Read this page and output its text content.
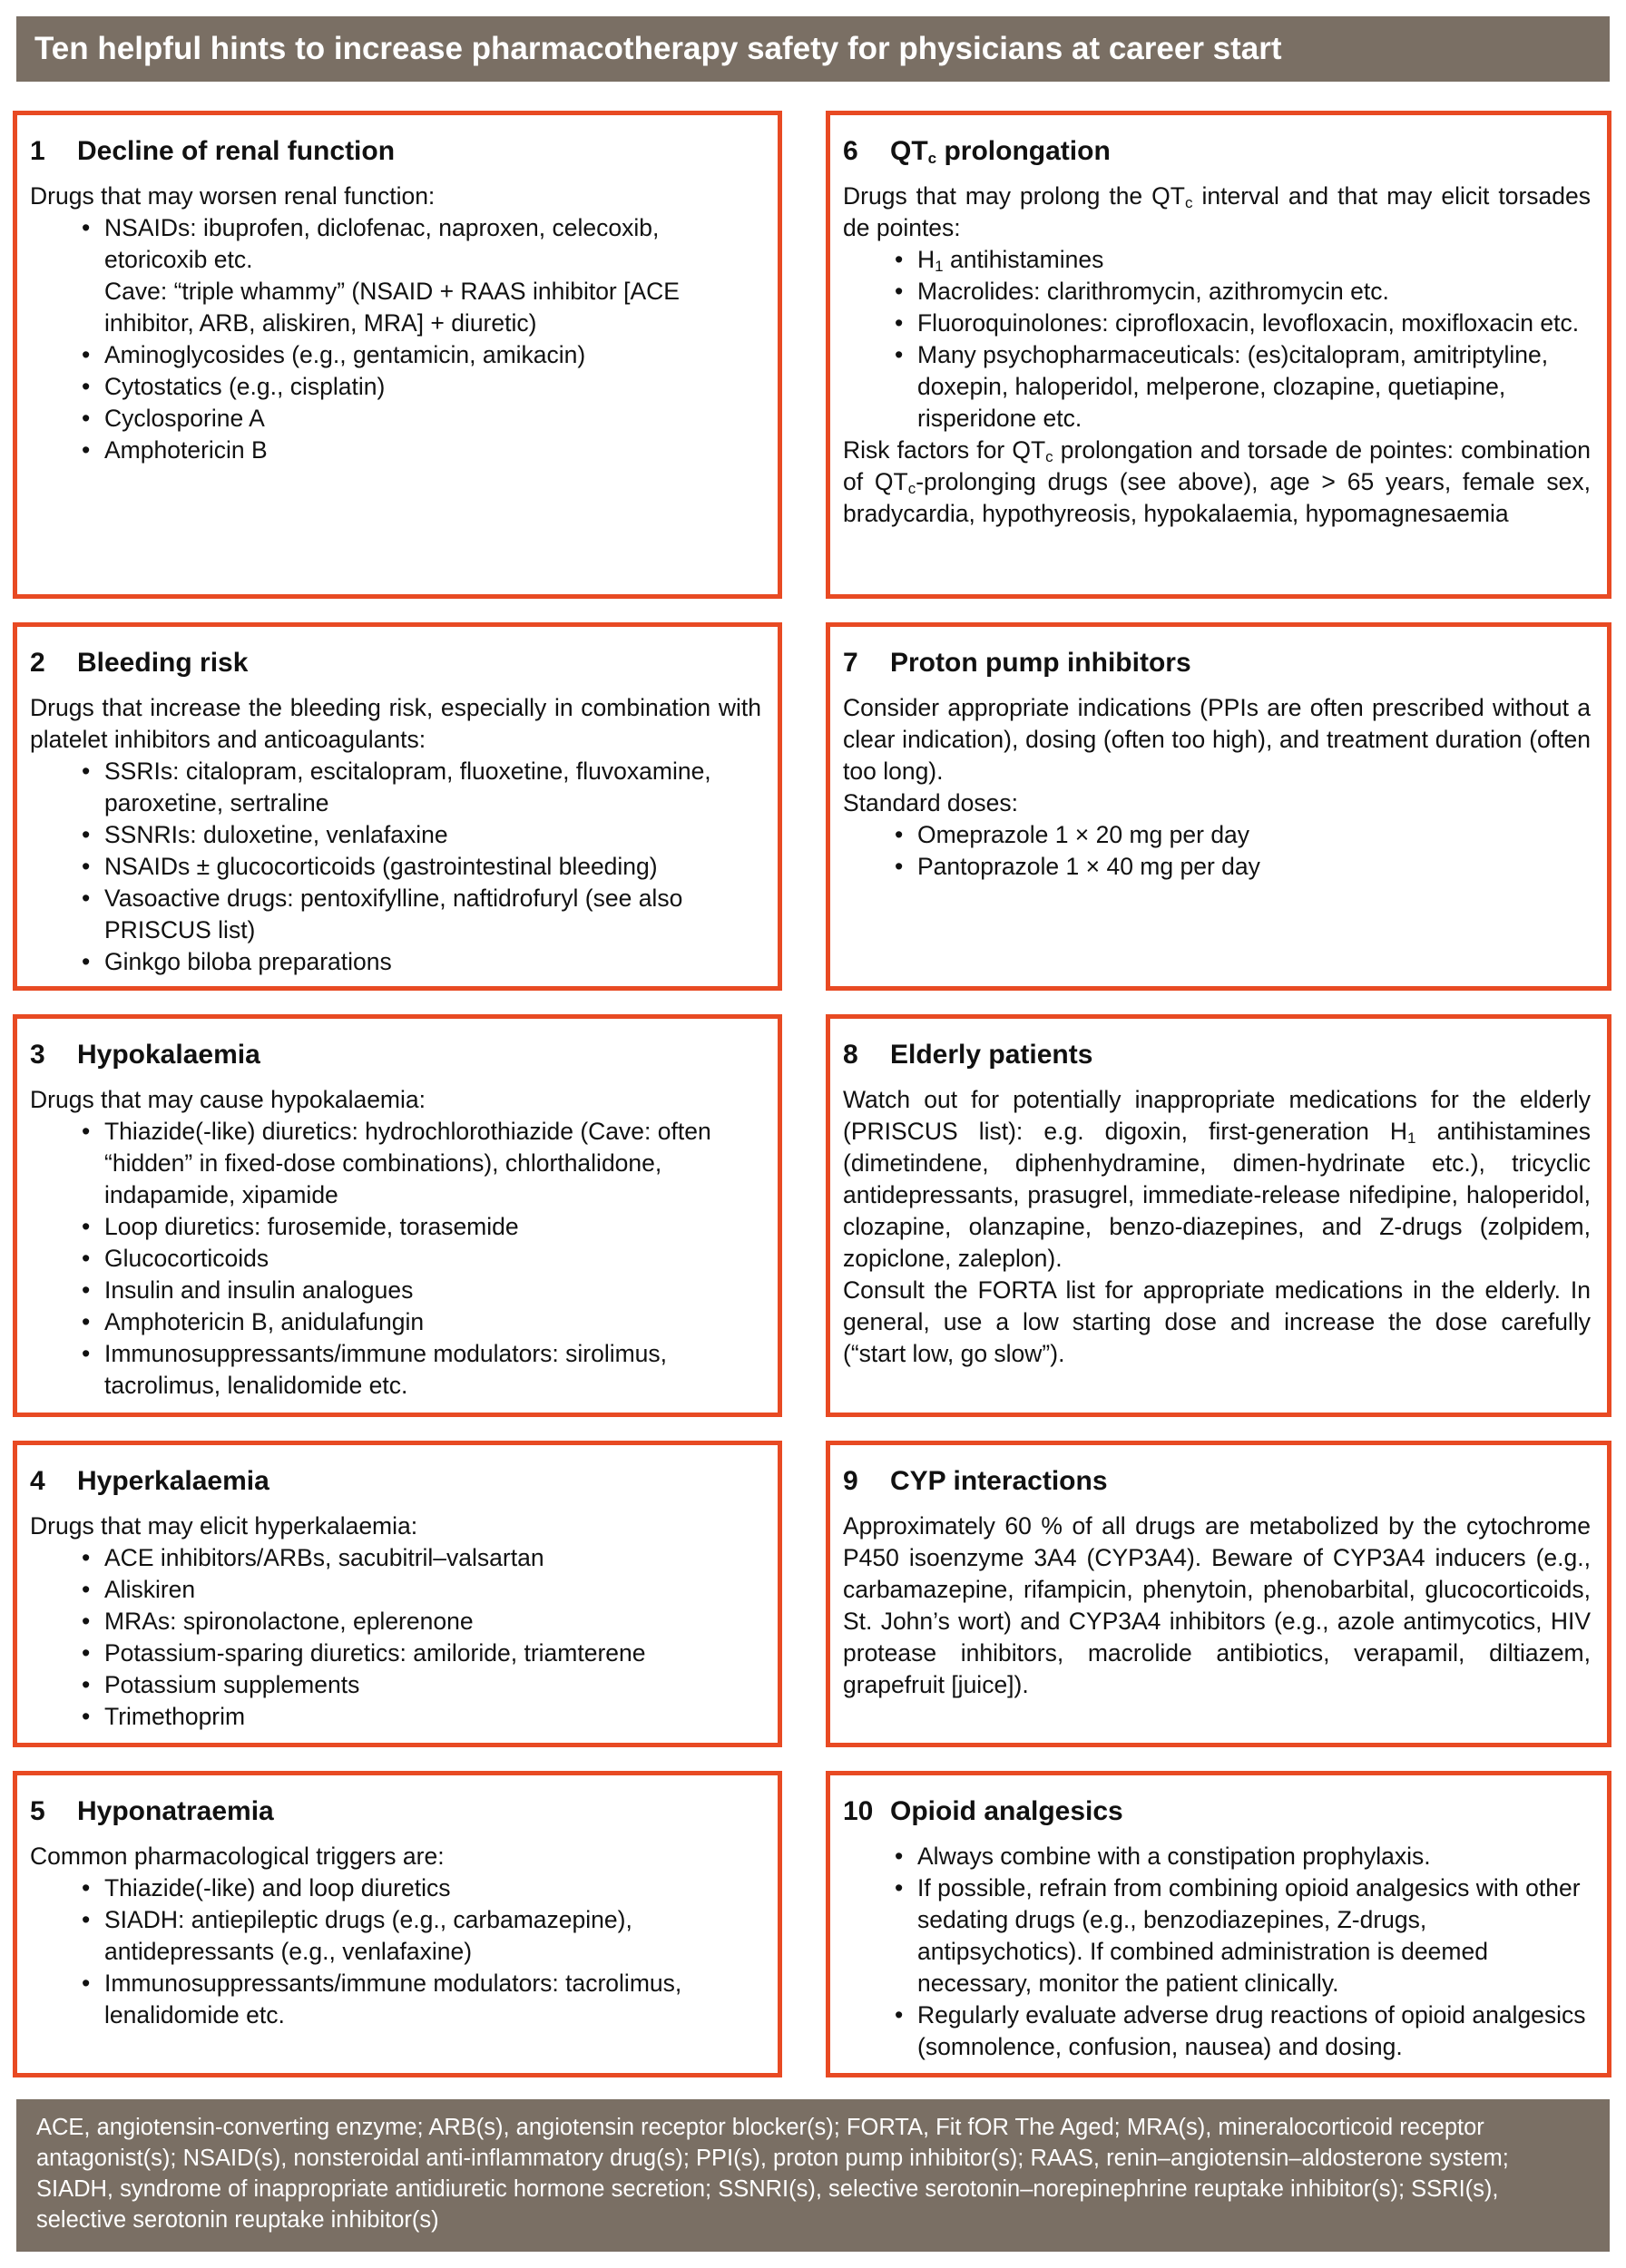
Ten helpful hints to increase pharmacotherapy safety for physicians at career start
1	Decline of renal function

Drugs that may worsen renal function:

• NSAIDs: ibuprofen, diclofenac, naproxen, celecoxib, etoricoxib etc.
Cave: “triple whammy” (NSAID + RAAS inhibitor [ACE inhibitor, ARB, aliskiren, MRA] + diuretic)
• Aminoglycosides (e.g., gentamicin, amikacin)
• Cytostatics (e.g., cisplatin)
• Cyclosporine A
• Amphotericin B
2	Bleeding risk

Drugs that increase the bleeding risk, especially in combination with platelet inhibitors and anticoagulants:

• SSRIs: citalopram, escitalopram, fluoxetine, fluvoxamine, paroxetine, sertraline
• SSNRIs: duloxetine, venlafaxine
• NSAIDs ± glucocorticoids (gastrointestinal bleeding)
• Vasoactive drugs: pentoxifylline, naftidrofuryl (see also PRISCUS list)
• Ginkgo biloba preparations
3	Hypokalaemia

Drugs that may cause hypokalaemia:

• Thiazide(-like) diuretics: hydrochlorothiazide (Cave: often “hidden” in fixed-dose combinations), chlorthalidone, indapamide, xipamide
• Loop diuretics: furosemide, torasemide
• Glucocorticoids
• Insulin and insulin analogues
• Amphotericin B, anidulafungin
• Immunosuppressants/immune modulators: sirolimus, tacrolimus, lenalidomide etc.
4	Hyperkalaemia

Drugs that may elicit hyperkalaemia:

• ACE inhibitors/ARBs, sacubitril–valsartan
• Aliskiren
• MRAs: spironolactone, eplerenone
• Potassium-sparing diuretics: amiloride, triamterene
• Potassium supplements
• Trimethoprim
5	Hyponatraemia

Common pharmacological triggers are:

• Thiazide(-like) and loop diuretics
• SIADH: antiepileptic drugs (e.g., carbamazepine), antidepressants (e.g., venlafaxine)
• Immunosuppressants/immune modulators: tacrolimus, lenalidomide etc.
6	$QT_c$ prolongation

Drugs that may prolong the $QT_c$ interval and that may elicit torsades de pointes:

• $H_1$ antihistamines
• Macrolides: clarithromycin, azithromycin etc.
• Fluoroquinolones: ciprofloxacin, levofloxacin, moxifloxacin etc.
• Many psychopharmaceuticals: (es)citalopram, amitriptyline, doxepin, haloperidol, melperone, clozapine, quetiapine, risperidone etc.

Risk factors for $QT_c$ prolongation and torsade de pointes: combination of $QT_c$-prolonging drugs (see above), age > 65 years, female sex, bradycardia, hypothyreosis, hypokalaemia, hypomagnesaemia

7	Proton pump inhibitors

Consider appropriate indications (PPIs are often prescribed without a clear indication), dosing (often too high), and treatment duration (often too long).

Standard doses:

• Omeprazole 1 × 20 mg per day
• Pantoprazole 1 × 40 mg per day
8	Elderly patients

Watch out for potentially inappropriate medications for the elderly (PRISCUS list): e.g. digoxin, first-generation $H_1$ antihistamines (dimetindene, diphenhydramine, dimen-hydrinate etc.), tricyclic antidepressants, prasugrel, immediate-release nifedipine, haloperidol, clozapine, olanzapine, benzo-diazepines, and Z-drugs (zolpidem, zopiclone, zaleplon).

Consult the FORTA list for appropriate medications in the elderly. In general, use a low starting dose and increase the dose carefully (“start low, go slow”).

9	CYP interactions

Approximately 60 % of all drugs are metabolized by the cytochrome P450 isoenzyme 3A4 (CYP3A4). Beware of CYP3A4 inducers (e.g., carbamazepine, rifampicin, phenytoin, phenobarbital, glucocorticoids, St. John’s wort) and CYP3A4 inhibitors (e.g., azole antimycotics, HIV protease inhibitors, macrolide antibiotics, verapamil, diltiazem, grapefruit [juice]).

10 Opioid analgesics
• Always combine with a constipation prophylaxis.
• If possible, refrain from combining opioid analgesics with other sedating drugs (e.g., benzodiazepines, Z-drugs, antipsychotics). If combined administration is deemed necessary, monitor the patient clinically.
• Regularly evaluate adverse drug reactions of opioid analgesics (somnolence, confusion, nausea) and dosing.
ACE, angiotensin-converting enzyme; ARB(s), angiotensin receptor blocker(s); FORTA, Fit fOR The Aged; MRA(s), mineralocorticoid receptor antagonist(s); NSAID(s), nonsteroidal anti-inflammatory drug(s); PPI(s), proton pump inhibitor(s); RAAS, renin–angiotensin–aldosterone system; SIADH, syndrome of inappropriate antidiuretic hormone secretion; SSNRI(s), selective serotonin–norepinephrine reuptake inhibitor(s); SSRI(s), selective serotonin reuptake inhibitor(s)
